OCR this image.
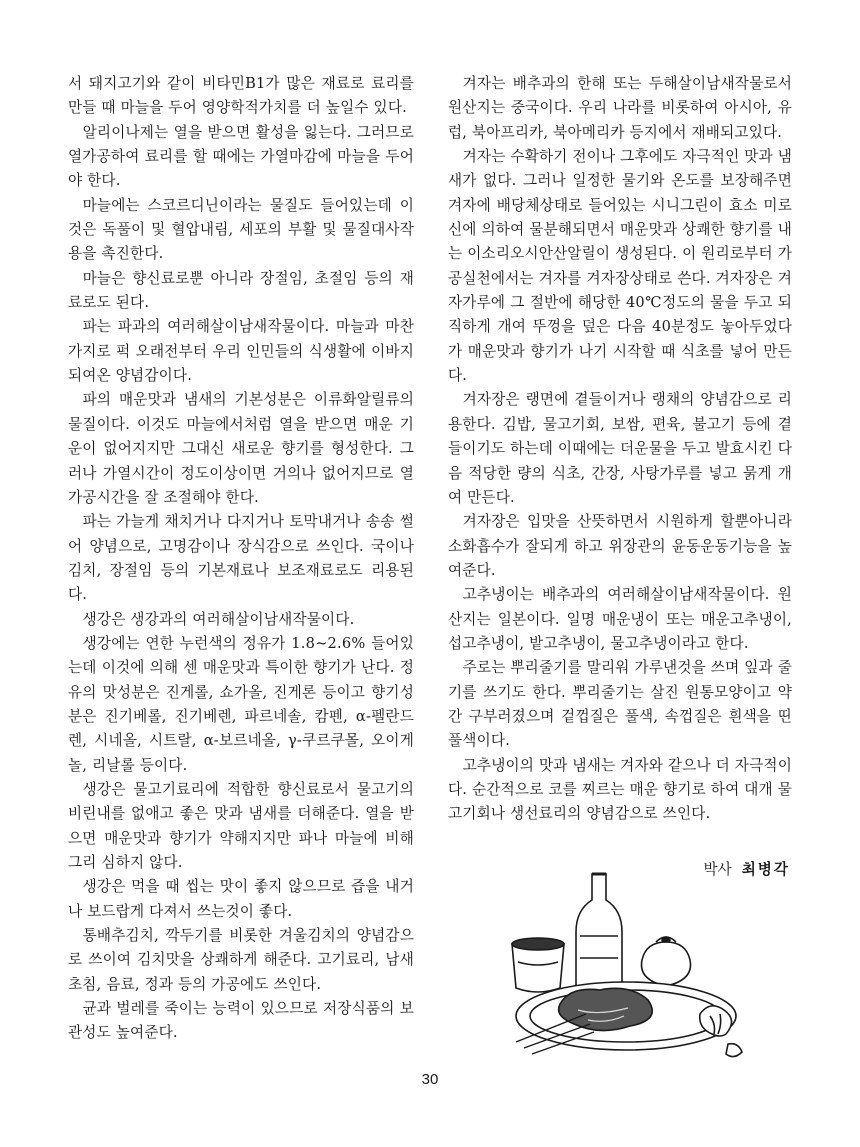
서 돼지고기와 같이 비타민B1가 많은 재료로 료리를 만들 때 마늘을 두어 영양학적가치를 더 높일수 있다.

알리이나제는 열을 받으면 활성을 잃는다. 그러므로 열가공하여 료리를 할 때에는 가열마감에 마늘을 두어야 한다.

마늘에는 스코르디닌이라는 물질도 들어있는데 이것은 독풀이 및 혈압내림, 세포의 부활 및 물질대사작용을 촉진한다.

마늘은 향신료로뿐 아니라 장절임, 초절임 등의 재료로도 된다.

파는 파과의 여러해살이남새작물이다. 마늘과 마찬가지로 퍽 오래전부터 우리 인민들의 식생활에 이바지되여온 양념감이다.

파의 매운맛과 냄새의 기본성분은 이류화알릴류의 물질이다. 이것도 마늘에서처럼 열을 받으면 매운 기운이 없어지지만 그대신 새로운 향기를 형성한다. 그러나 가열시간이 정도이상이면 거의나 없어지므로 열가공시간을 잘 조절해야 한다.

파는 가늘게 채치거나 다지거나 토막내거나 송송 썰어 양념으로, 고명감이나 장식감으로 쓰인다. 국이나 김치, 장절임 등의 기본재료나 보조재료로도 리용된다.

생강은 생강과의 여러해살이남새작물이다.

생강에는 연한 누런색의 정유가 1.8~2.6% 들어있는데 이것에 의해 센 매운맛과 특이한 향기가 난다. 정유의 맛성분은 진게롤, 쇼가올, 진게론 등이고 향기성분은 진기베롤, 진기베렌, 파르네솔, 캄펜, α-펠란드렌, 시네올, 시트랄, α-보르네올, γ-쿠르쿠몰, 오이게놀, 리날롤 등이다.

생강은 물고기료리에 적합한 향신료로서 물고기의 비린내를 없애고 좋은 맛과 냄새를 더해준다. 열을 받으면 매운맛과 향기가 약해지지만 파나 마늘에 비해 그리 심하지 않다.

생강은 먹을 때 씹는 맛이 좋지 않으므로 즙을 내거나 보드랍게 다져서 쓰는것이 좋다.

통배추김치, 깍두기를 비롯한 겨울김치의 양념감으로 쓰이여 김치맛을 상쾌하게 해준다. 고기료리, 남새초침, 음료, 정과 등의 가공에도 쓰인다.

균과 벌레를 죽이는 능력이 있으므로 저장식품의 보관성도 높여준다.

겨자는 배추과의 한해 또는 두해살이남새작물로서 원산지는 중국이다. 우리 나라를 비롯하여 아시아, 유럽, 북아프리카, 북아메리카 등지에서 재배되고있다.

겨자는 수확하기 전이나 그후에도 자극적인 맛과 냄새가 없다. 그러나 일정한 물기와 온도를 보장해주면 겨자에 배당체상태로 들어있는 시니그린이 효소 미로신에 의하여 물분해되면서 매운맛과 상쾌한 향기를 내는 이소리오시안산알릴이 생성된다. 이 원리로부터 가공실천에서는 겨자를 겨자장상태로 쓴다. 겨자장은 겨자가루에 그 절반에 해당한 40℃정도의 물을 두고 되직하게 개여 뚜껑을 덮은 다음 40분정도 놓아두었다가 매운맛과 향기가 나기 시작할 때 식초를 넣어 만든다.

겨자장은 랭면에 곁들이거나 랭채의 양념감으로 리용한다. 김밥, 물고기회, 보쌈, 편육, 불고기 등에 곁들이기도 하는데 이때에는 더운물을 두고 발효시킨 다음 적당한 량의 식초, 간장, 사탕가루를 넣고 묽게 개여 만든다.

겨자장은 입맛을 산뜻하면서 시원하게 할뿐아니라 소화흡수가 잘되게 하고 위장관의 윤동운동기능을 높여준다.

고추냉이는 배추과의 여러해살이남새작물이다. 원산지는 일본이다. 일명 매운냉이 또는 매운고추냉이, 섭고추냉이, 밭고추냉이, 물고추냉이라고 한다.

주로는 뿌리줄기를 말리워 가루낸것을 쓰며 잎과 줄기를 쓰기도 한다. 뿌리줄기는 살진 원통모양이고 약간 구부러졌으며 겉껍질은 풀색, 속껍질은 흰색을 띤 풀색이다.

고추냉이의 맛과 냄새는 겨자와 같으나 더 자극적이다. 순간적으로 코를 찌르는 매운 향기로 하여 대개 물고기회나 생선료리의 양념감으로 쓰인다.

박사 최병각
30
